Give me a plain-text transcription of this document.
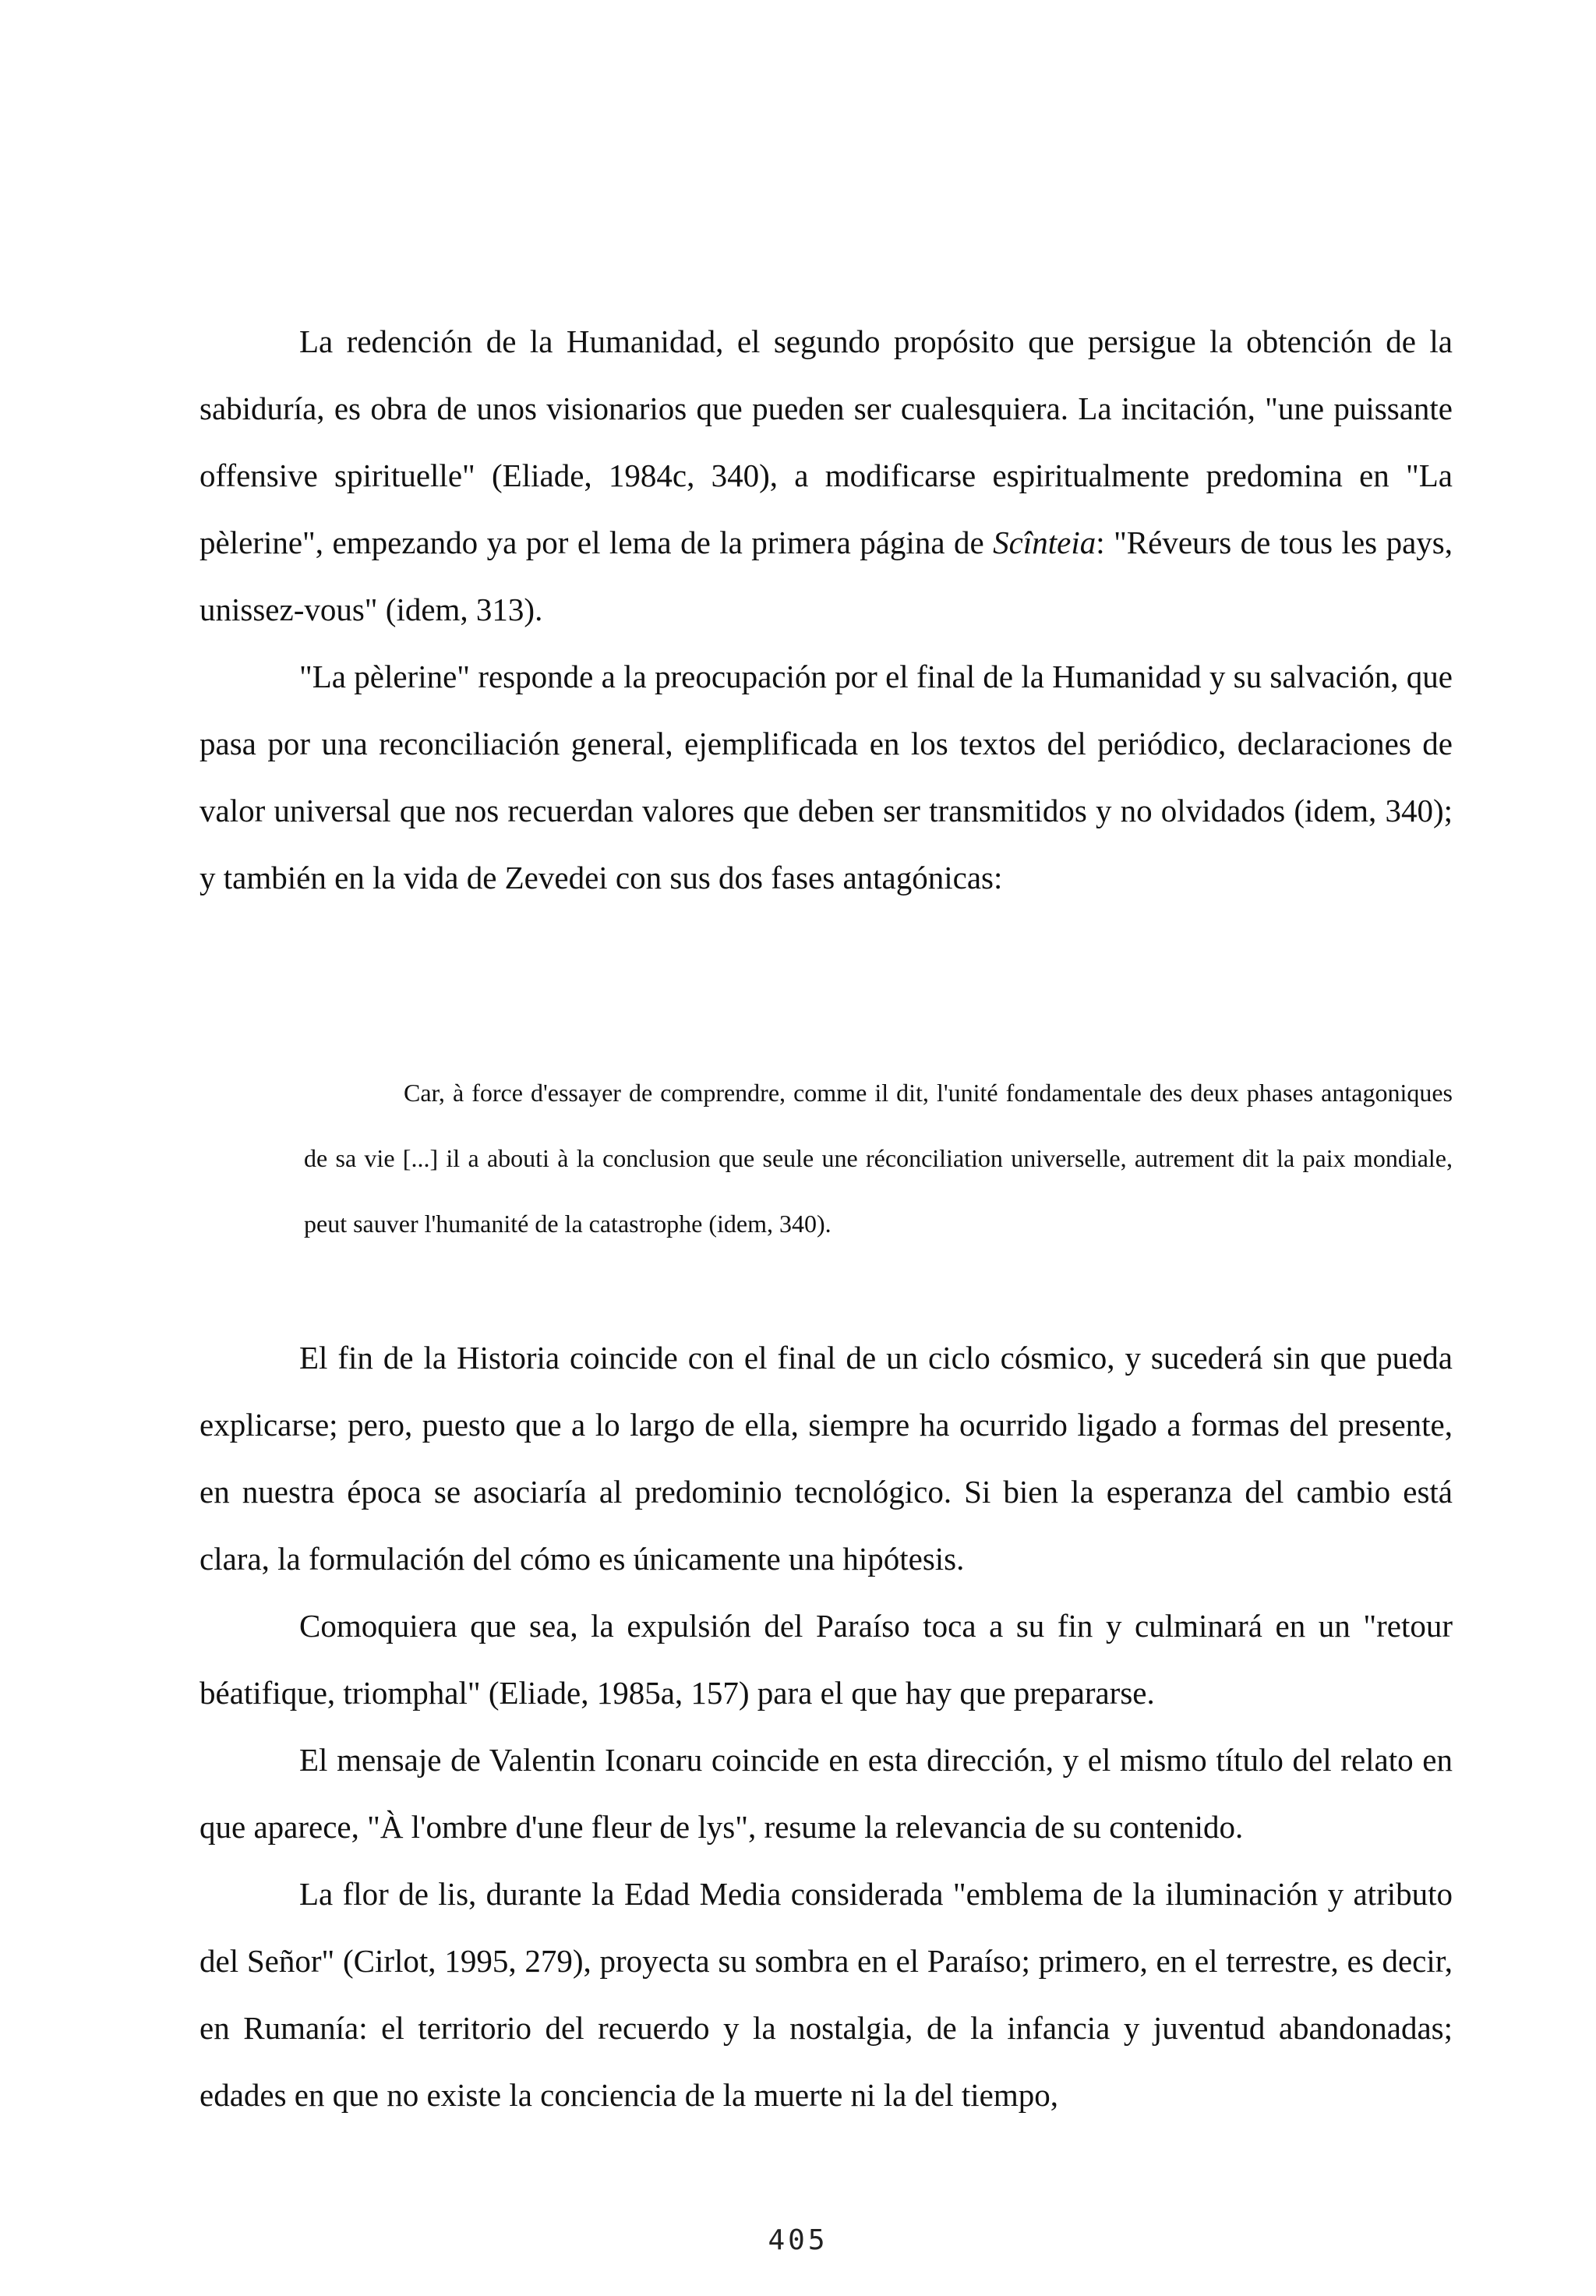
La redención de la Humanidad, el segundo propósito que persigue la obtención de la sabiduría, es obra de unos visionarios que pueden ser cualesquiera. La incitación, "une puissante offensive spirituelle" (Eliade, 1984c, 340), a modificarse espiritualmente predomina en "La pèlerine", empezando ya por el lema de la primera página de Scînteia: "Réveurs de tous les pays, unissez-vous" (idem, 313).

"La pèlerine" responde a la preocupación por el final de la Humanidad y su salvación, que pasa por una reconciliación general, ejemplificada en los textos del periódico, declaraciones de valor universal que nos recuerdan valores que deben ser transmitidos y no olvidados (idem, 340); y también en la vida de Zevedei con sus dos fases antagónicas:

Car, à force d'essayer de comprendre, comme il dit, l'unité fondamentale des deux phases antagoniques de sa vie [...] il a abouti à la conclusion que seule une réconciliation universelle, autrement dit la paix mondiale, peut sauver l'humanité de la catastrophe (idem, 340).

El fin de la Historia coincide con el final de un ciclo cósmico, y sucederá sin que pueda explicarse; pero, puesto que a lo largo de ella, siempre ha ocurrido ligado a formas del presente, en nuestra época se asociaría al predominio tecnológico. Si bien la esperanza del cambio está clara, la formulación del cómo es únicamente una hipótesis.

Comoquiera que sea, la expulsión del Paraíso toca a su fin y culminará en un "retour béatifique, triomphal" (Eliade, 1985a, 157) para el que hay que prepararse.

El mensaje de Valentin Iconaru coincide en esta dirección, y el mismo título del relato en que aparece, "À l'ombre d'une fleur de lys", resume la relevancia de su contenido.

La flor de lis, durante la Edad Media considerada "emblema de la iluminación y atributo del Señor" (Cirlot, 1995, 279), proyecta su sombra en el Paraíso; primero, en el terrestre, es decir, en Rumanía: el territorio del recuerdo y la nostalgia, de la infancia y juventud abandonadas; edades en que no existe la conciencia de la muerte ni la del tiempo,

405
